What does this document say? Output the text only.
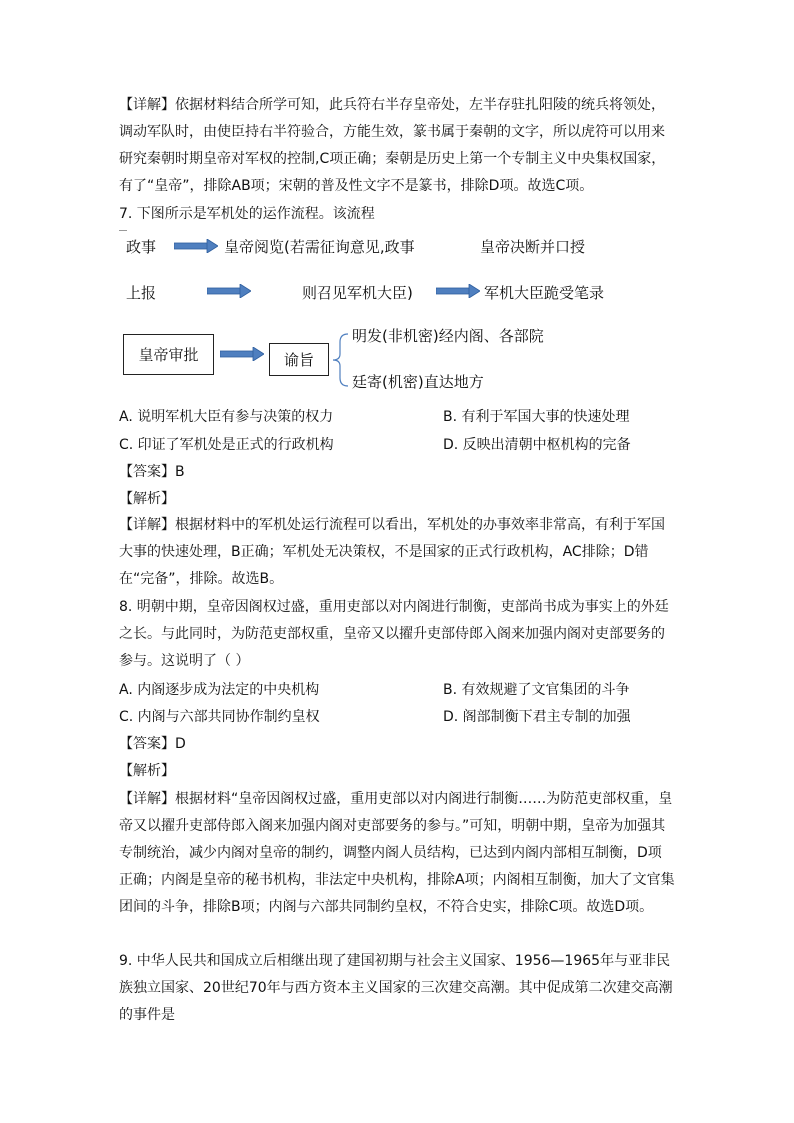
【详解】依据材料结合所学可知，此兵符右半存皇帝处，左半存驻扎阳陵的统兵将领处，调动军队时，由使臣持右半符验合，方能生效，篆书属于秦朝的文字，所以虎符可以用来研究秦朝时期皇帝对军权的控制,C项正确；秦朝是历史上第一个专制主义中央集权国家，有了“皇帝”，排除AB项；宋朝的普及性文字不是篆书，排除D项。故选C项。

7. 下图所示是军机处的运作流程。该流程
政事	皇帝阅览(若需征询意见,政事	皇帝决断并口授
上报	则召见军机大臣)	军机大臣跪受笔录
皇帝审批	谕旨
明发(非机密)经内阁、各部院
廷寄(机密)直达地方
A. 说明军机大臣有参与决策的权力	B. 有利于军国大事的快速处理
C. 印证了军机处是正式的行政机构	D. 反映出清朝中枢机构的完备
【答案】B
【解析】

【详解】根据材料中的军机处运行流程可以看出，军机处的办事效率非常高，有利于军国大事的快速处理，B正确；军机处无决策权，不是国家的正式行政机构，AC排除；D错在“完备”，排除。故选B。

8. 明朝中期，皇帝因阁权过盛，重用吏部以对内阁进行制衡，吏部尚书成为事实上的外廷之长。与此同时，为防范吏部权重，皇帝又以擢升吏部侍郎入阁来加强内阁对吏部要务的参与。这说明了（ ）

A. 内阁逐步成为法定的中央机构	B. 有效规避了文官集团的斗争
C. 内阁与六部共同协作制约皇权	D. 阁部制衡下君主专制的加强
【答案】D
【解析】

【详解】根据材料“皇帝因阁权过盛，重用吏部以对内阁进行制衡……为防范吏部权重，皇帝又以擢升吏部侍郎入阁来加强内阁对吏部要务的参与。”可知，明朝中期，皇帝为加强其专制统治，减少内阁对皇帝的制约，调整内阁人员结构，已达到内阁内部相互制衡，D项正确；内阁是皇帝的秘书机构，非法定中央机构，排除A项；内阁相互制衡，加大了文官集团间的斗争，排除B项；内阁与六部共同制约皇权，不符合史实，排除C项。故选D项。

9. 中华人民共和国成立后相继出现了建国初期与社会主义国家、1956—1965年与亚非民族独立国家、20世纪70年与西方资本主义国家的三次建交高潮。其中促成第二次建交高潮的事件是
